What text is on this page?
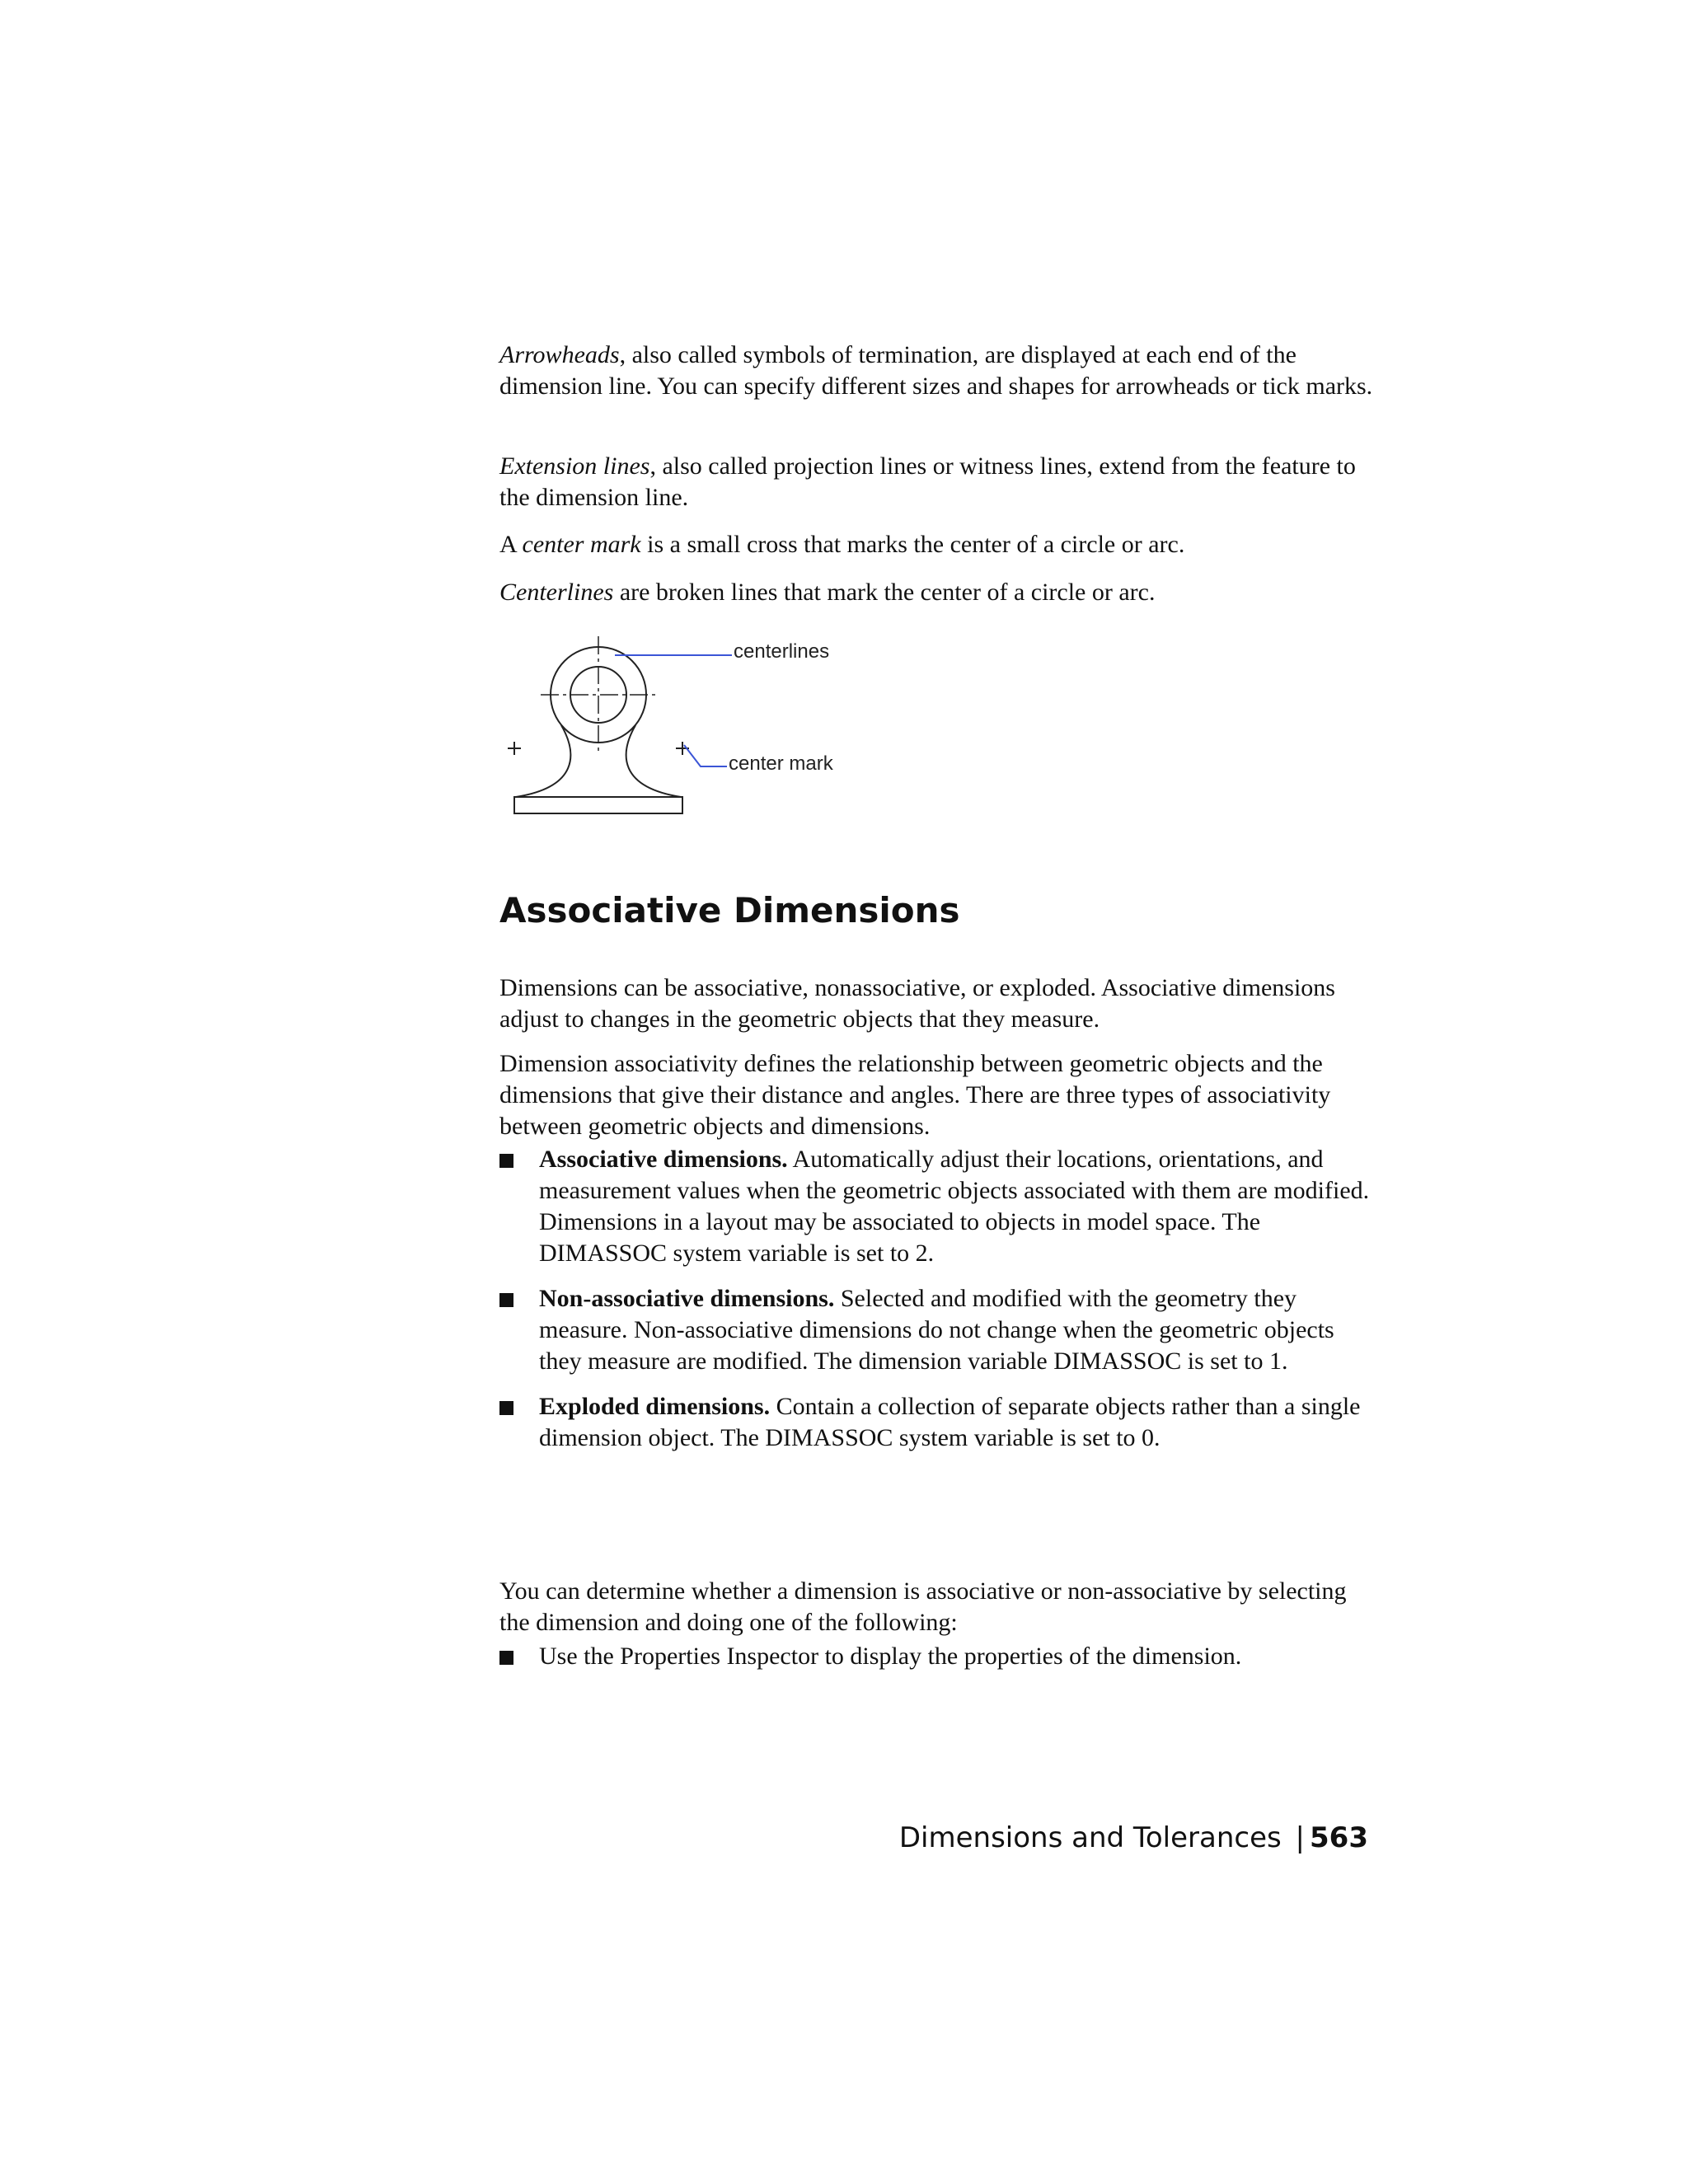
Arrowheads, also called symbols of termination, are displayed at each end of the dimension line. You can specify different sizes and shapes for arrowheads or tick marks.

Extension lines, also called projection lines or witness lines, extend from the feature to the dimension line.

A center mark is a small cross that marks the center of a circle or arc.

Centerlines are broken lines that mark the center of a circle or arc.

centerlines
center mark
Associative Dimensions

Dimensions can be associative, nonassociative, or exploded. Associative dimensions adjust to changes in the geometric objects that they measure.

Dimension associativity defines the relationship between geometric objects and the dimensions that give their distance and angles. There are three types of associativity between geometric objects and dimensions.

Associative dimensions. Automatically adjust their locations, orientations, and measurement values when the geometric objects associated with them are modified. Dimensions in a layout may be associated to objects in model space. The DIMASSOC system variable is set to 2.
Non-associative dimensions. Selected and modified with the geometry they measure. Non-associative dimensions do not change when the geometric objects they measure are modified. The dimension variable DIMASSOC is set to 1.
Exploded dimensions. Contain a collection of separate objects rather than a single dimension object. The DIMASSOC system variable is set to 0.

You can determine whether a dimension is associative or non-associative by selecting the dimension and doing one of the following:

Use the Properties Inspector to display the properties of the dimension.
Dimensions and Tolerances | 563
